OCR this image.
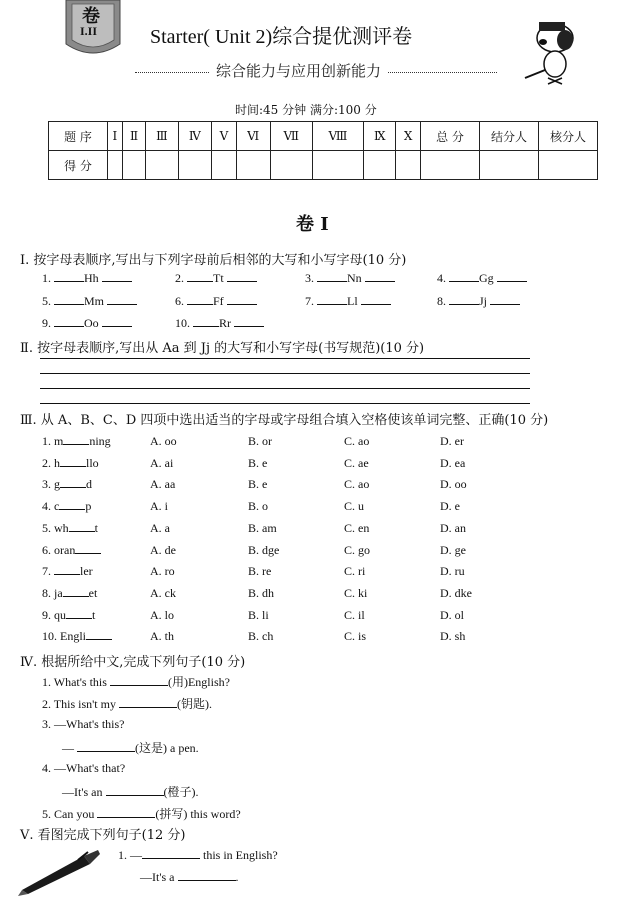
卷
I.II	Starter( Unit 2)综合提优测评卷
综合能力与应用创新能力
时间:45 分钟 满分:100 分
题 序	Ⅰ	Ⅱ	Ⅲ	Ⅳ	Ⅴ	Ⅵ	Ⅶ	Ⅷ	Ⅸ	Ⅹ	总 分	结分人	核分人
得 分													
卷 I
Ⅰ. 按字母表顺序,写出与下列字母前后相邻的大写和小写字母(10 分)
1.	Hh	2. Tt	3.	Nn	4.	Gg
5.	Mm	6. Ff	7.	Ll	8.	Jj
9.	Oo	10. Rr
Ⅱ. 按字母表顺序,写出从 Aa 到 Jj 的大写和小写字母(书写规范)(10 分)
Ⅲ. 从 A、B、C、D 四项中选出适当的字母或字母组合填入空格使该单词完整、正确(10 分)
1. m ning	A. oo	B. or	C. ao	D. er
2. h llo	A. ai	B. e	C. ae	D. ea
3. g d	A. aa	B. e	C. ao	D. oo
4. c p	A. i	B. o	C. u	D. e
5. wh t	A. a	B. am	C. en	D. an
6. oran	A. de	B. dge	C. go	D. ge
7. ler	A. ro	B. re	C. ri	D. ru
8. ja et	A. ck	B. dh	C. ki	D. dke
9. qu t	A. lo	B. li	C. il	D. ol
10. Engli	A. th	B. ch	C. is	D. sh
Ⅳ. 根据所给中文,完成下列句子(10 分)
1. What's this	(用)English?
2. This isn't my	(钥匙).
3. —What's this?
—	(这是) a pen.
4. —What's that?
—It's an	(橙子).
5. Can you	(拼写) this word?
Ⅴ. 看图完成下列句子(12 分)
1. —	this in English?
—It's a	.
